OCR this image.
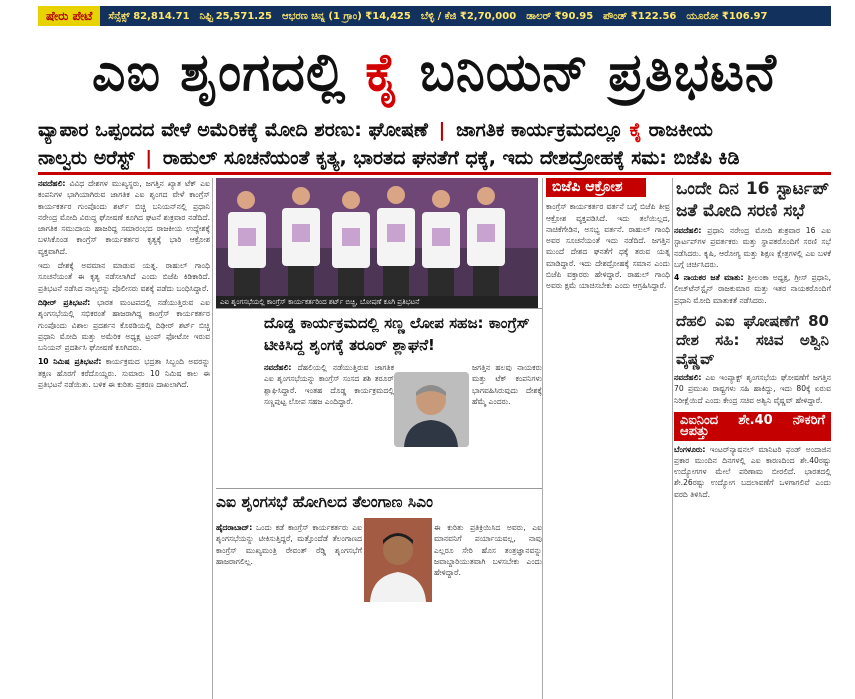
ಷೇರು ಪೇಟೆ	ಸೆನ್ಸೆಕ್ಸ್ 82,814.71 ನಿಫ್ಟಿ 25,571.25 ಆಭರಣ ಚಿನ್ನ (1 ಗ್ರಾಂ) ₹14,425 ಬೆಳ್ಳಿ / ಕೆಜಿ ₹2,70,000 ಡಾಲರ್ ₹90.95 ಪೌಂಡ್ ₹122.56 ಯೂರೋ ₹106.97
ಎಐ ಶೃಂಗದಲ್ಲಿ ಕೈ ಬನಿಯನ್ ಪ್ರತಿಭಟನೆ
ವ್ಯಾಪಾರ ಒಪ್ಪಂದದ ವೇಳೆ ಅಮೆರಿಕಕ್ಕೆ ಮೋದಿ ಶರಣು: ಘೋಷಣೆ | ಜಾಗತಿಕ ಕಾರ್ಯಕ್ರಮದಲ್ಲೂ ಕೈ ರಾಜಕೀಯ
ನಾಲ್ವರು ಅರೆಸ್ಟ್ | ರಾಹುಲ್ ಸೂಚನೆಯಂತೆ ಕೃತ್ಯ, ಭಾರತದ ಘನತೆಗೆ ಧಕ್ಕೆ, ಇದು ದೇಶದ್ರೋಹಕ್ಕೆ ಸಮ: ಬಿಜೆಪಿ ಕಿಡಿ

ನವದೆಹಲಿ: ವಿವಿಧ ದೇಶಗಳ ಮುಖ್ಯಸ್ಥರು, ಜಗತ್ತಿನ ಖ್ಯಾತ ಟೆಕ್ ಎಐ ಕಂಪನಿಗಳ ಭಾಗಿಯಾಗಿರುವ ಜಾಗತಿಕ ಎಐ ಶೃಂಗದ ವೇಳೆ ಕಾಂಗ್ರೆಸ್ ಕಾರ್ಯಕರ್ತರ ಗುಂಪೊಂದು ಶರ್ಟ್ ಬಿಚ್ಚಿ ಬನಿಯನ್‌ನಲ್ಲಿ ಪ್ರಧಾನಿ ನರೇಂದ್ರ ಮೋದಿ ವಿರುದ್ಧ ಘೋಷಣೆ ಕೂಗಿದ ಘಟನೆ ಶುಕ್ರವಾರ ನಡೆದಿದೆ. ಜಾಗತಿಕ ಸಮುದಾಯ ಹಾಜರಿದ್ದ ಸಮಾರಂಭದ ರಾಜಕೀಯ ಉದ್ದೇಶಕ್ಕೆ ಬಳಸಿಕೊಂಡ ಕಾಂಗ್ರೆಸ್ ಕಾರ್ಯಕರ್ತರ ಕೃತ್ಯಕ್ಕೆ ಭಾರಿ ಆಕ್ರೋಶ ವ್ಯಕ್ತವಾಗಿದೆ.

ಇದು ದೇಶಕ್ಕೆ ಅವಮಾನ ಮಾಡುವ ಯತ್ನ. ರಾಹುಲ್ ಗಾಂಧಿ ಸೂಚನೆಯಂತೆ ಈ ಕೃತ್ಯ ನಡೆಸಲಾಗಿದೆ ಎಂದು ಬಿಜೆಪಿ ಕಿಡಿಕಾರಿದೆ. ಪ್ರತಿಭಟನೆ ನಡೆಸಿದ ನಾಲ್ವರನ್ನು ಪೊಲೀಸರು ವಶಕ್ಕೆ ಪಡೆದು ಬಂಧಿಸಿದ್ದಾರೆ.

ದಿಢೀರ್ ಪ್ರತಿಭಟನೆ: ಭಾರತ ಮಂಟಪದಲ್ಲಿ ನಡೆಯುತ್ತಿರುವ ಎಐ ಶೃಂಗಸಭೆಯಲ್ಲಿ ಸಭಿಕರಂತೆ ಹಾಜರಾಗಿದ್ದ ಕಾಂಗ್ರೆಸ್ ಕಾರ್ಯಕರ್ತರ ಗುಂಪೊಂದು ವಿಶಾಲ ಪ್ರದರ್ಶನ ಕೊಠಡಿಯಲ್ಲಿ ದಿಢೀರ್ ಶರ್ಟ್ ಬಿಚ್ಚಿ ಪ್ರಧಾನಿ ಮೋದಿ ಮತ್ತು ಅಮೆರಿಕ ಅಧ್ಯಕ್ಷ ಟ್ರಂಪ್ ಫೋಟೋ ಇರುವ ಬನಿಯನ್ ಪ್ರದರ್ಶಿಸಿ ಘೋಷಣೆ ಕೂಗಿದರು.

10 ನಿಮಿಷ ಪ್ರತಿಭಟನೆ: ಕಾರ್ಯಕ್ರಮದ ಭದ್ರತಾ ಸಿಬ್ಬಂದಿ ಅವರನ್ನು ತಕ್ಷಣ ಹೊರಗೆ ಕರೆದೊಯ್ದರು. ಸುಮಾರು 10 ನಿಮಿಷ ಕಾಲ ಈ ಪ್ರತಿಭಟನೆ ನಡೆಯಿತು. ಬಳಿಕ ಈ ಕುರಿತು ಪ್ರಕರಣ ದಾಖಲಾಗಿದೆ.

ಎಐ ಶೃಂಗಸಭೆಯಲ್ಲಿ ಕಾಂಗ್ರೆಸ್ ಕಾರ್ಯಕರ್ತರಿಂದ ಶರ್ಟ್ ಬಿಚ್ಚಿ, ಬೋಷಣೆ ಕೂಗಿ ಪ್ರತಿಭಟನೆ
ಬಿಜೆಪಿ ಆಕ್ರೋಶ

ಕಾಂಗ್ರೆಸ್ ಕಾರ್ಯಕರ್ತರ ವರ್ತನೆ ಬಗ್ಗೆ ಬಿಜೆಪಿ ತೀವ್ರ ಆಕ್ರೋಶ ವ್ಯಕ್ತಪಡಿಸಿದೆ. ಇದು ತಲೆಯಿಲ್ಲದ, ನಾಚಿಕೆಗೇಡಿನ, ಅಸಭ್ಯ ವರ್ತನೆ. ರಾಹುಲ್ ಗಾಂಧಿ ಅವರ ಸೂಚನೆಯಂತೆ ಇದು ನಡೆದಿದೆ. ಜಗತ್ತಿನ ಮುಂದೆ ದೇಶದ ಘನತೆಗೆ ಧಕ್ಕೆ ತರುವ ಯತ್ನ ಮಾಡಿದ್ದಾರೆ. ಇದು ದೇಶದ್ರೋಹಕ್ಕೆ ಸಮಾನ ಎಂದು ಬಿಜೆಪಿ ವಕ್ತಾರರು ಹೇಳಿದ್ದಾರೆ. ರಾಹುಲ್ ಗಾಂಧಿ ಅವರು ಕ್ಷಮೆ ಯಾಚಿಸಬೇಕು ಎಂದು ಆಗ್ರಹಿಸಿದ್ದಾರೆ.

ಒಂದೇ ದಿನ 16 ಸ್ಟಾರ್ಟಪ್ ಜತೆ ಮೋದಿ ಸರಣಿ ಸಭೆ

ನವದೆಹಲಿ: ಪ್ರಧಾನಿ ನರೇಂದ್ರ ಮೋದಿ ಶುಕ್ರವಾರ 16 ಎಐ ಸ್ಟಾರ್ಟಪ್‌ಗಳ ಪ್ರವರ್ತಕರು ಮತ್ತು ಸ್ಥಾಪಕರೊಂದಿಗೆ ಸರಣಿ ಸಭೆ ನಡೆಸಿದರು. ಕೃಷಿ, ಆರೋಗ್ಯ ಮತ್ತು ಶಿಕ್ಷಣ ಕ್ಷೇತ್ರಗಳಲ್ಲಿ ಎಐ ಬಳಕೆ ಬಗ್ಗೆ ಚರ್ಚಿಸಿದರು.

4 ನಾಯಕರ ಜತೆ ಮಾತು: ಶ್ರೀಲಂಕಾ ಅಧ್ಯಕ್ಷ, ಗ್ರೀಸ್ ಪ್ರಧಾನಿ, ಲೀಚ್‌ಟೆನ್‌ಸ್ಟೈನ್ ರಾಜಕುಮಾರ ಮತ್ತು ಇತರ ನಾಯಕರೊಂದಿಗೆ ಪ್ರಧಾನಿ ಮೋದಿ ಮಾತುಕತೆ ನಡೆಸಿದರು.

ದೆಹಲಿ ಎಐ ಘೋಷಣೆಗೆ 80 ದೇಶ ಸಹಿ: ಸಚಿವ ಅಶ್ವಿನಿ ವೈಷ್ಣವ್

ನವದೆಹಲಿ: ಎಐ ಇಂಪ್ಯಾಕ್ಟ್ ಶೃಂಗಸಭೆಯ ಘೋಷಣೆಗೆ ಜಗತ್ತಿನ 70 ಪ್ರಮುಖ ರಾಷ್ಟ್ರಗಳು ಸಹಿ ಹಾಕಿದ್ದು, ಇದು 80ಕ್ಕೆ ಏರುವ ನಿರೀಕ್ಷೆಯಿದೆ ಎಂದು ಕೇಂದ್ರ ಸಚಿವ ಅಶ್ವಿನಿ ವೈಷ್ಣವ್ ಹೇಳಿದ್ದಾರೆ.

ಎಐನಿಂದ ಶೇ.40 ನೌಕರಿಗೆ ಆಪತ್ತು

ಬೆಂಗಳೂರು: ಇಂಟರ್‌ನ್ಯಾಷನಲ್ ಮಾನಿಟರಿ ಫಂಡ್ ಅಂದಾಜಿನ ಪ್ರಕಾರ ಮುಂದಿನ ದಿನಗಳಲ್ಲಿ ಎಐ ಕಾರಣದಿಂದ ಶೇ.40ರಷ್ಟು ಉದ್ಯೋಗಗಳ ಮೇಲೆ ಪರಿಣಾಮ ಬೀರಲಿದೆ. ಭಾರತದಲ್ಲಿ ಶೇ.26ರಷ್ಟು ಉದ್ಯೋಗ ಬದಲಾವಣೆಗೆ ಒಳಗಾಗಲಿವೆ ಎಂದು ವರದಿ ತಿಳಿಸಿದೆ.

ದೊಡ್ಡ ಕಾರ್ಯಕ್ರಮದಲ್ಲಿ ಸಣ್ಣ ಲೋಪ ಸಹಜ: ಕಾಂಗ್ರೆಸ್ ಟೀಕಿಸಿದ್ದ ಶೃಂಗಕ್ಕೆ ತರೂರ್ ಶ್ಲಾಘನೆ!

ನವದೆಹಲಿ: ದೆಹಲಿಯಲ್ಲಿ ನಡೆಯುತ್ತಿರುವ ಜಾಗತಿಕ ಎಐ ಶೃಂಗಸಭೆಯನ್ನು ಕಾಂಗ್ರೆಸ್ ಸಂಸದ ಶಶಿ ತರೂರ್ ಶ್ಲಾಘಿಸಿದ್ದಾರೆ. ಇಂತಹ ದೊಡ್ಡ ಕಾರ್ಯಕ್ರಮದಲ್ಲಿ ಸಣ್ಣಪುಟ್ಟ ಲೋಪ ಸಹಜ ಎಂದಿದ್ದಾರೆ.

ಜಗತ್ತಿನ ಹಲವು ನಾಯಕರು ಮತ್ತು ಟೆಕ್ ಕಂಪನಿಗಳು ಭಾಗವಹಿಸಿರುವುದು ದೇಶಕ್ಕೆ ಹೆಮ್ಮೆ ಎಂದರು.

ಎಐ ಶೃಂಗಸಭೆ ಹೋಗಿಲದ ತೆಲಂಗಾಣ ಸಿಎಂ

ಹೈದರಾಬಾದ್: ಒಂದು ಕಡೆ ಕಾಂಗ್ರೆಸ್ ಕಾರ್ಯಕರ್ತರು ಎಐ ಶೃಂಗಸಭೆಯನ್ನು ಟೀಕಿಸುತ್ತಿದ್ದರೆ, ಮತ್ತೊಂದೆಡೆ ತೆಲಂಗಾಣದ ಕಾಂಗ್ರೆಸ್ ಮುಖ್ಯಮಂತ್ರಿ ರೇವಂತ್ ರೆಡ್ಡಿ ಶೃಂಗಸಭೆಗೆ ಹಾಜರಾಗಲಿಲ್ಲ.

ಈ ಕುರಿತು ಪ್ರತಿಕ್ರಿಯಿಸಿದ ಅವರು, ಎಐ ಮಾನವನಿಗೆ ಪರ್ಯಾಯವಲ್ಲ, ನಾವು ಎಲ್ಲರೂ ಸೇರಿ ಹೊಸ ತಂತ್ರಜ್ಞಾನವನ್ನು ಜವಾಬ್ದಾರಿಯುತವಾಗಿ ಬಳಸಬೇಕು ಎಂದು ಹೇಳಿದ್ದಾರೆ.
